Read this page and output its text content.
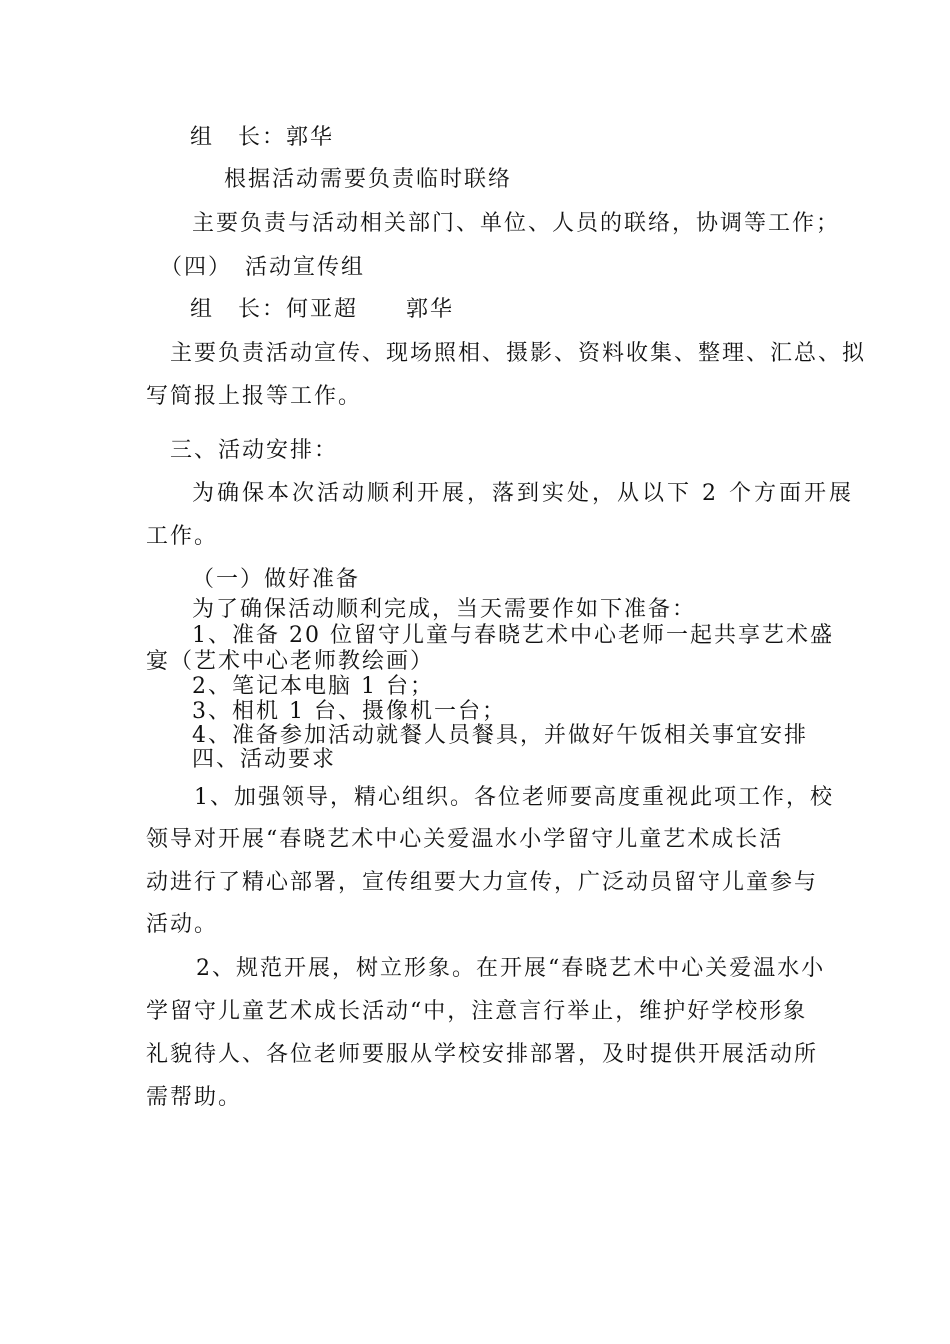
组　长：郭华
根据活动需要负责临时联络
主要负责与活动相关部门、单位、人员的联络，协调等工作；
（四）　活动宣传组
组　长：何亚超　　郭华
主要负责活动宣传、现场照相、摄影、资料收集、整理、汇总、拟
写简报上报等工作。
三、活动安排：
为确保本次活动顺利开展，落到实处，从以下 2 个方面开展
工作。
（一）做好准备
为了确保活动顺利完成，当天需要作如下准备：
1、准备 20 位留守儿童与春晓艺术中心老师一起共享艺术盛
宴（艺术中心老师教绘画）
2、笔记本电脑 1 台；
3、相机 1 台、摄像机一台；
4、准备参加活动就餐人员餐具，并做好午饭相关事宜安排
四、活动要求
1、加强领导，精心组织。各位老师要高度重视此项工作，校
领导对开展“春晓艺术中心关爱温水小学留守儿童艺术成长活
动进行了精心部署，宣传组要大力宣传，广泛动员留守儿童参与
活动。
2、规范开展，树立形象。在开展“春晓艺术中心关爱温水小
学留守儿童艺术成长活动“中，注意言行举止，维护好学校形象
礼貌待人、各位老师要服从学校安排部署，及时提供开展活动所
需帮助。
